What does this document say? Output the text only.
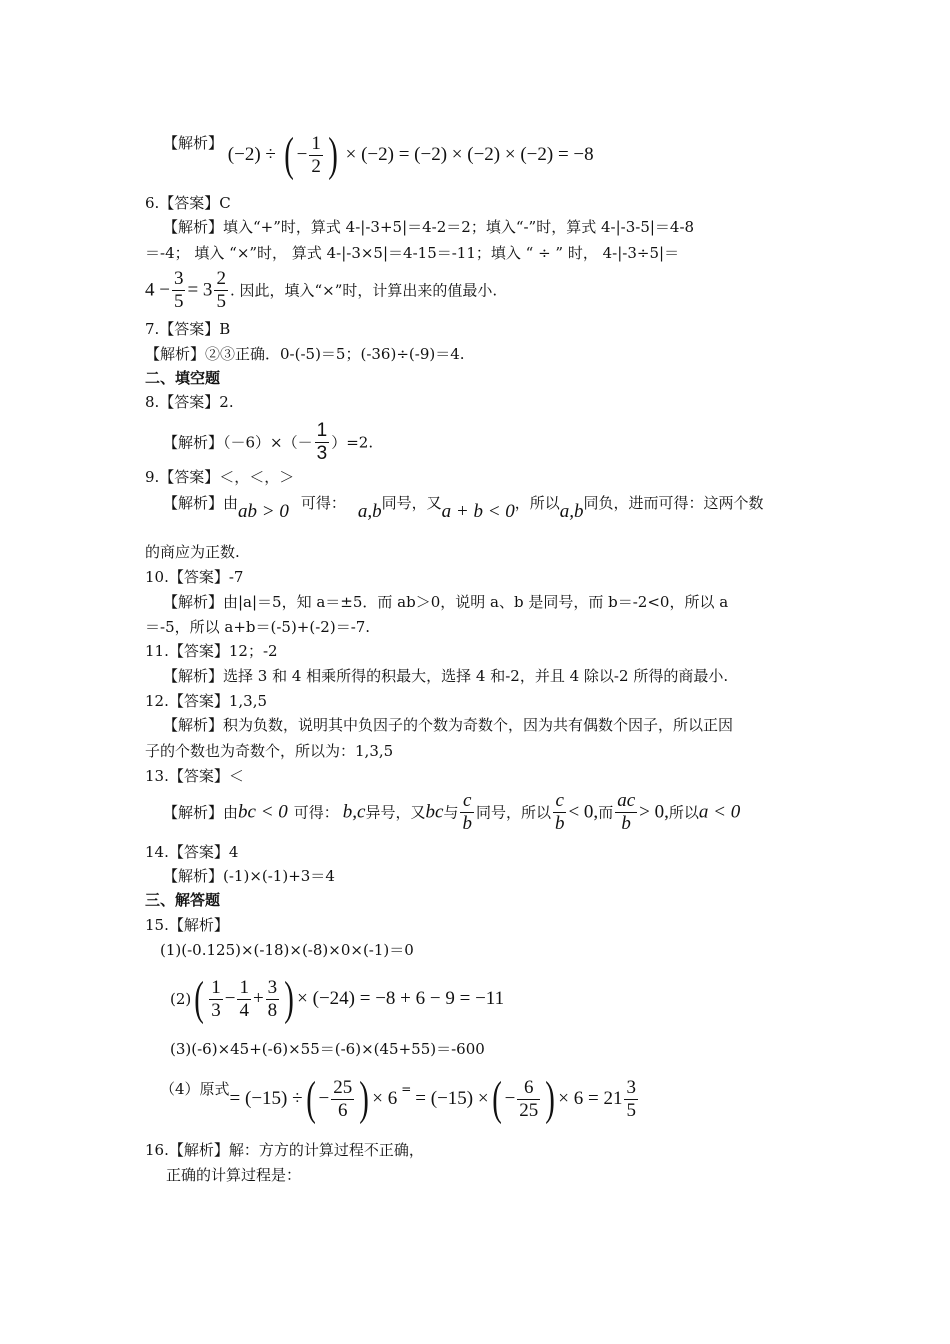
【解析】 (−2) ÷ ( − $\frac{1}{2}$ ) × (−2) = (−2) × (−2) × (−2) = −8
6.【答案】C
【解析】填入“+”时，算式 4-|-3+5|＝4-2＝2；填入“-”时，算式 4-|-3-5|＝4-8
＝-4； 填入 “×”时， 算式 4-|-3×5|＝4-15＝-11；填入 “ ÷ ” 时， 4-|-3÷5|＝
$4 - \frac{3}{5} = 3 \frac{2}{5}$ . 因此，填入“×”时，计算出来的值最小.
7.【答案】B
【解析】②③正确．0-(-5)＝5；(-36)÷(-9)＝4.
二、填空题
8.【答案】2.
【解析】$(-6)\times(- \frac{1}{3} )=2$.
9.【答案】＜，＜，＞
【解析】由ab > 0 可得： a,b同号，又a + b < 0，所以a,b同负，进而可得：这两个数
的商应为正数.
10.【答案】-7
【解析】由|a|＝5，知 a＝±5．而 ab＞0，说明 a、b 是同号，而 b＝-2<0，所以 a
＝-5，所以 a+b＝(-5)+(-2)＝-7.
11.【答案】12；-2
【解析】选择 3 和 4 相乘所得的积最大，选择 4 和-2，并且 4 除以-2 所得的商最小.
12.【答案】1,3,5
【解析】积为负数，说明其中负因子的个数为奇数个，因为共有偶数个因子，所以正因
子的个数也为奇数个，所以为：1,3,5
13.【答案】＜
【解析】由bc < 0 可得： b,c异号，又bc与 $\frac{c}{b}$ 同号，所以 $\frac{c}{b} < 0$,而 $\frac{ac}{b} > 0$,所以a < 0
14.【答案】4
【解析】(-1)×(-1)+3＝4
三、解答题
15.【解析】
(1)(-0.125)×(-18)×(-8)×0×(-1)＝0
$(2)( \frac{1}{3} - \frac{1}{4} + \frac{3}{8}$ ) × (−24) = −8 + 6 − 9 = −11
(3)(-6)×45+(-6)×55＝(-6)×(45+55)＝-600
（4）原式= (−15) ÷( − $\frac{25}{6}$ ) × 6 = = (−15) ×( − $\frac{6}{25}$ ) × $6 = 21 \frac{3}{5}$
16.【解析】解：方方的计算过程不正确，
正确的计算过程是：
